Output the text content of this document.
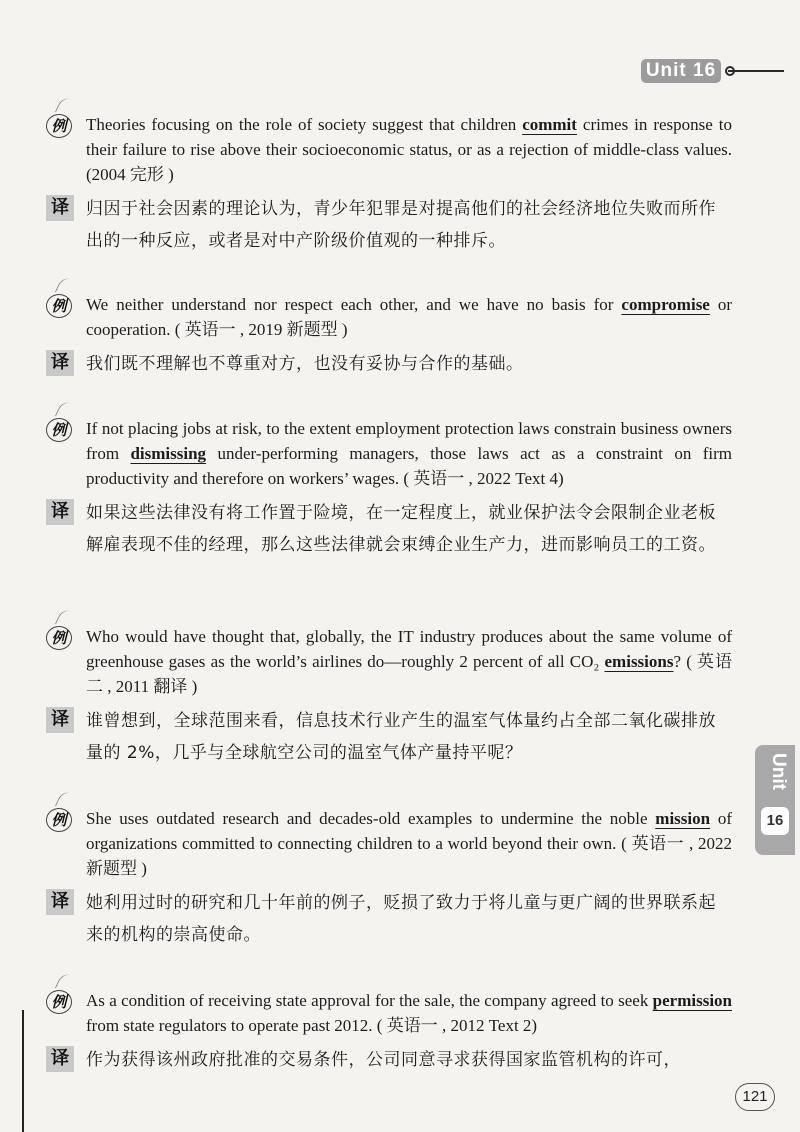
Unit 16
Unit
16
例	Theories focusing on the role of society suggest that children commit crimes in response to their failure to rise above their socioeconomic status, or as a rejection of middle-class values. (2004 完形 )
译 归因于社会因素的理论认为，青少年犯罪是对提高他们的社会经济地位失败而所作出的一种反应，或者是对中产阶级价值观的一种排斥。
例	We neither understand nor respect each other, and we have no basis for compromise or cooperation. ( 英语一 , 2019 新题型 )
译 我们既不理解也不尊重对方，也没有妥协与合作的基础。
例	If not placing jobs at risk, to the extent employment protection laws constrain business owners from dismissing under-performing managers, those laws act as a constraint on firm productivity and therefore on workers’ wages. ( 英语一 , 2022 Text 4)
译 如果这些法律没有将工作置于险境，在一定程度上，就业保护法令会限制企业老板解雇表现不佳的经理，那么这些法律就会束缚企业生产力，进而影响员工的工资。
例	Who would have thought that, globally, the IT industry produces about the same volume of greenhouse gases as the world’s airlines do—roughly 2 percent of all CO₂ emissions? ( 英语二 , 2011 翻译 )
译 谁曾想到，全球范围来看，信息技术行业产生的温室气体量约占全部二氧化碳排放量的 2%，几乎与全球航空公司的温室气体产量持平呢？
例	She uses outdated research and decades-old examples to undermine the noble mission of organizations committed to connecting children to a world beyond their own. ( 英语一 , 2022 新题型 )
译 她利用过时的研究和几十年前的例子，贬损了致力于将儿童与更广阔的世界联系起来的机构的崇高使命。
例	As a condition of receiving state approval for the sale, the company agreed to seek permission from state regulators to operate past 2012. ( 英语一 , 2012 Text 2)
译 作为获得该州政府批准的交易条件，公司同意寻求获得国家监管机构的许可，
121
